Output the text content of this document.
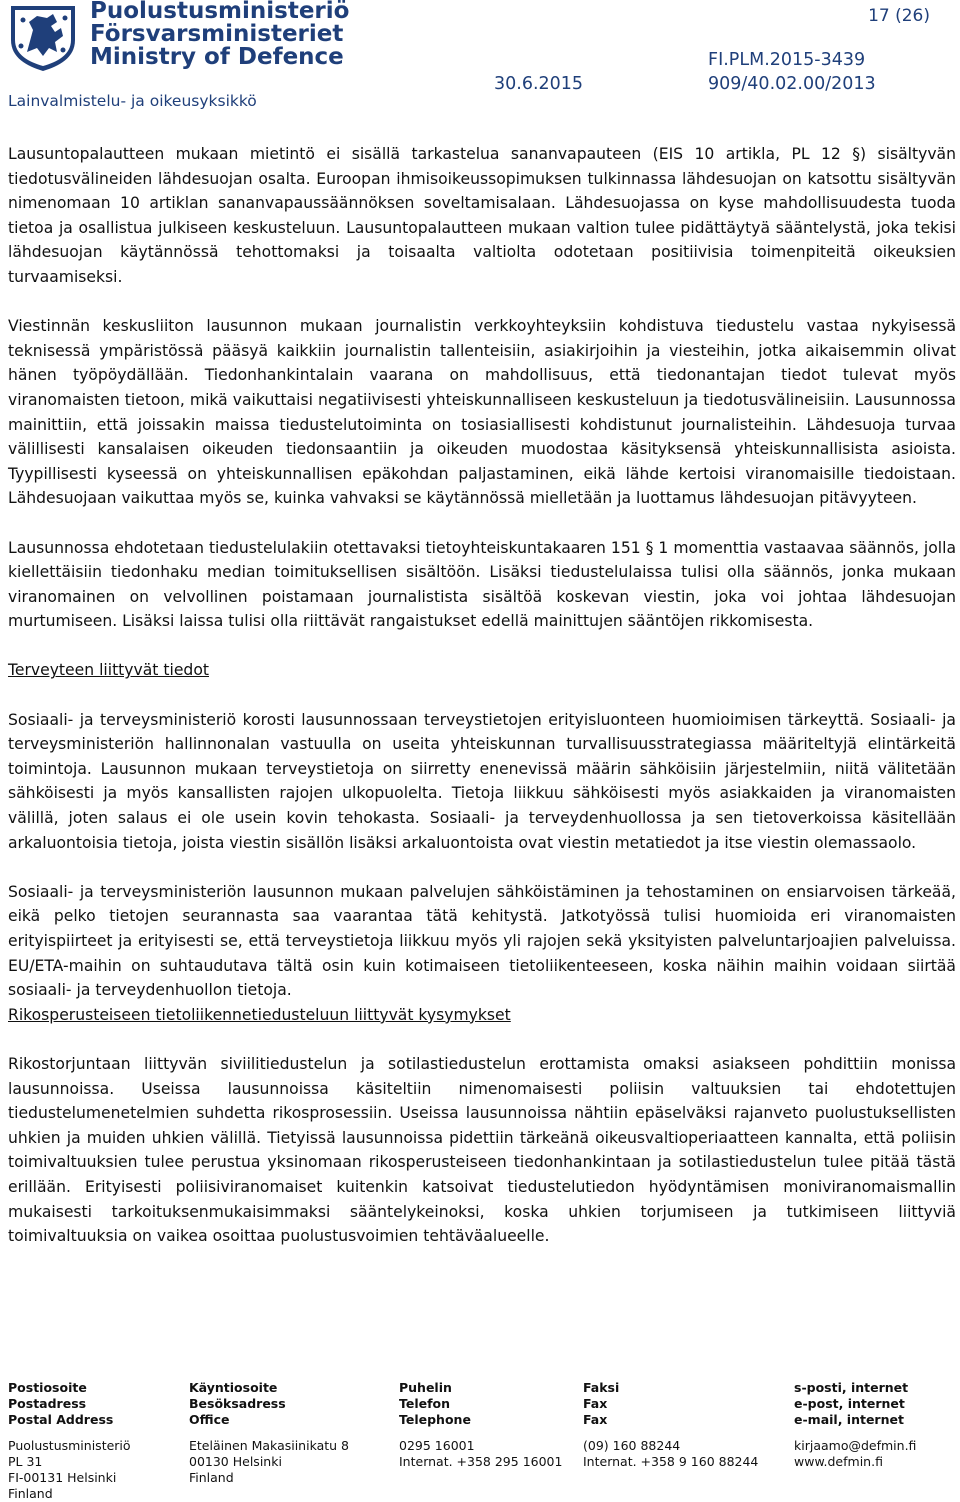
Puolustusministeriö
Försvarsministeriet
Ministry of Defence
Lainvalmistelu- ja oikeusyksikkö
17 (26)
30.6.2015
FI.PLM.2015-3439
909/40.02.00/2013

Lausuntopalautteen mukaan mietintö ei sisällä tarkastelua sananvapauteen (EIS 10 artikla, PL 12 §) sisältyvän tiedotusvälineiden lähdesuojan osalta. Euroopan ihmisoikeussopimuksen tulkinnassa lähdesuojan on katsottu sisältyvän nimenomaan 10 artiklan sananvapaussäännöksen soveltamisalaan. Lähdesuojassa on kyse mahdollisuudesta tuoda tietoa ja osallistua julkiseen keskusteluun. Lausuntopalautteen mukaan valtion tulee pidättäytyä sääntelystä, joka tekisi lähdesuojan käytännössä tehottomaksi ja toisaalta valtiolta odotetaan positiivisia toimenpiteitä oikeuksien turvaamiseksi.

Viestinnän keskusliiton lausunnon mukaan journalistin verkkoyhteyksiin kohdistuva tiedustelu vastaa nykyisessä teknisessä ympäristössä pääsyä kaikkiin journalistin tallenteisiin, asiakirjoihin ja viesteihin, jotka aikaisemmin olivat hänen työpöydällään. Tiedonhankintalain vaarana on mahdollisuus, että tiedonantajan tiedot tulevat myös viranomaisten tietoon, mikä vaikuttaisi negatiivisesti yhteiskunnalliseen keskusteluun ja tiedotusvälineisiin. Lausunnossa mainittiin, että joissakin maissa tiedustelutoiminta on tosiasiallisesti kohdistunut journalisteihin. Lähdesuoja turvaa välillisesti kansalaisen oikeuden tiedonsaantiin ja oikeuden muodostaa käsityksensä yhteiskunnallisista asioista. Tyypillisesti kyseessä on yhteiskunnallisen epäkohdan paljastaminen, eikä lähde kertoisi viranomaisille tiedoistaan. Lähdesuojaan vaikuttaa myös se, kuinka vahvaksi se käytännössä mielletään ja luottamus lähdesuojan pitävyyteen.

Lausunnossa ehdotetaan tiedustelulakiin otettavaksi tietoyhteiskuntakaaren 151 § 1 momenttia vastaavaa säännös, jolla kiellettäisiin tiedonhaku median toimituksellisen sisältöön. Lisäksi tiedustelulaissa tulisi olla säännös, jonka mukaan viranomainen on velvollinen poistamaan journalistista sisältöä koskevan viestin, joka voi johtaa lähdesuojan murtumiseen. Lisäksi laissa tulisi olla riittävät rangaistukset edellä mainittujen sääntöjen rikkomisesta.

Terveyteen liittyvät tiedot

Sosiaali- ja terveysministeriö korosti lausunnossaan terveystietojen erityisluonteen huomioimisen tärkeyttä. Sosiaali- ja terveysministeriön hallinnonalan vastuulla on useita yhteiskunnan turvallisuusstrategiassa määriteltyjä elintärkeitä toimintoja. Lausunnon mukaan terveystietoja on siirretty enenevissä määrin sähköisiin järjestelmiin, niitä välitetään sähköisesti ja myös kansallisten rajojen ulkopuolelta. Tietoja liikkuu sähköisesti myös asiakkaiden ja viranomaisten välillä, joten salaus ei ole usein kovin tehokasta. Sosiaali- ja terveydenhuollossa ja sen tietoverkoissa käsitellään arkaluontoisia tietoja, joista viestin sisällön lisäksi arkaluontoista ovat viestin metatiedot ja itse viestin olemassaolo.

Sosiaali- ja terveysministeriön lausunnon mukaan palvelujen sähköistäminen ja tehostaminen on ensiarvoisen tärkeää, eikä pelko tietojen seurannasta saa vaarantaa tätä kehitystä. Jatkotyössä tulisi huomioida eri viranomaisten erityispiirteet ja erityisesti se, että terveystietoja liikkuu myös yli rajojen sekä yksityisten palveluntarjoajien palveluissa. EU/ETA-maihin on suhtaudutava tältä osin kuin kotimaiseen tietoliikenteeseen, koska näihin maihin voidaan siirtää sosiaali- ja terveydenhuollon tietoja.

Rikosperusteiseen tietoliikennetiedusteluun liittyvät kysymykset

Rikostorjuntaan liittyvän siviilitiedustelun ja sotilastiedustelun erottamista omaksi asiakseen pohdittiin monissa lausunnoissa. Useissa lausunnoissa käsiteltiin nimenomaisesti poliisin valtuuksien tai ehdotettujen tiedustelumenetelmien suhdetta rikosprosessiin. Useissa lausunnoissa nähtiin epäselväksi rajanveto puolustuksellisten uhkien ja muiden uhkien välillä. Tietyissä lausunnoissa pidettiin tärkeänä oikeusvaltioperiaatteen kannalta, että poliisin toimivaltuuksien tulee perustua yksinomaan rikosperusteiseen tiedonhankintaan ja sotilastiedustelun tulee pitää tästä erillään. Erityisesti poliisiviranomaiset kuitenkin katsoivat tiedustelutiedon hyödyntämisen moniviranomaismallin mukaisesti tarkoituksenmukaisimmaksi sääntelykeinoksi, koska uhkien torjumiseen ja tutkimiseen liittyviä toimivaltuuksia on vaikea osoittaa puolustusvoimien tehtäväalueelle.

Postiosoite
Postadress
Postal Address
Puolustusministeriö
PL 31
FI-00131 Helsinki
Finland
Käyntiosoite
Besöksadress
Office
Eteläinen Makasiinikatu 8
00130 Helsinki
Finland
Puhelin
Telefon
Telephone
0295 16001
Internat. +358 295 16001
Faksi
Fax
Fax
(09) 160 88244
Internat. +358 9 160 88244
s-posti, internet
e-post, internet
e-mail, internet
kirjaamo@defmin.fi
www.defmin.fi
